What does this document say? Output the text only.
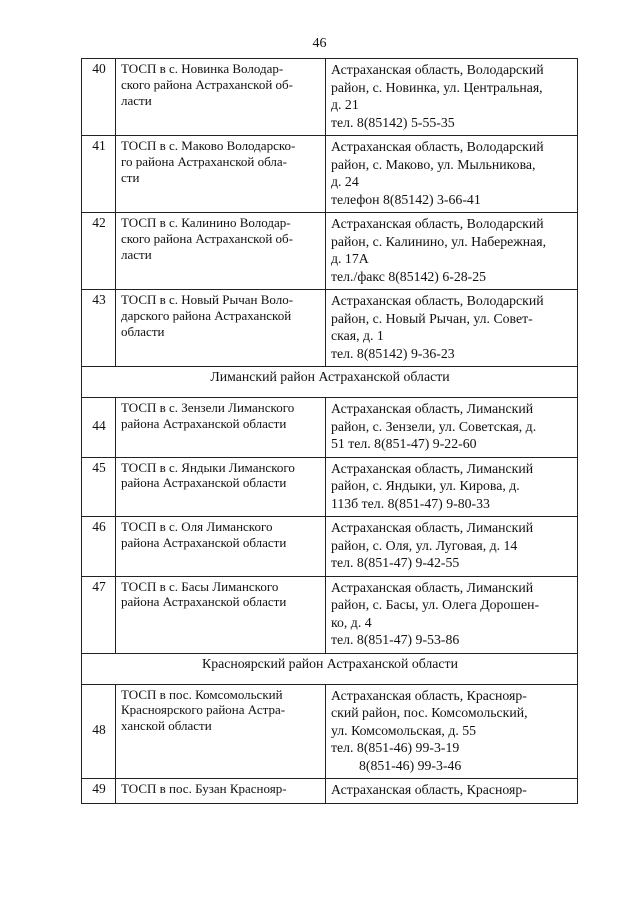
46
40	ТОСП в с. Новинка Володар-
ского района Астраханской об-
ласти	Астраханская область, Володарский
район, с. Новинка, ул. Центральная,
д. 21
тел. 8(85142) 5-55-35

41	ТОСП в с. Маково Володарско-
го района Астраханской обла-
сти	Астраханская область, Володарский
район, с. Маково, ул. Мыльникова,
д. 24
телефон 8(85142) 3-66-41

42	ТОСП в с. Калинино Володар-
ского района Астраханской об-
ласти	Астраханская область, Володарский
район, с. Калинино, ул. Набережная,
д. 17А
тел./факс 8(85142) 6-28-25

43	ТОСП в с. Новый Рычан Воло-
дарского района Астраханской
области	Астраханская область, Володарский
район, с. Новый Рычан, ул. Совет-
ская, д. 1
тел. 8(85142) 9-36-23

Лиманский район Астраханской области		
44	ТОСП в с. Зензели Лиманского
района Астраханской области	Астраханская область, Лиманский
район, с. Зензели, ул. Советская, д.
51 тел. 8(851-47) 9-22-60

45	ТОСП в с. Яндыки Лиманского
района Астраханской области	Астраханская область, Лиманский
район, с. Яндыки, ул. Кирова, д.
113б тел. 8(851-47) 9-80-33

46	ТОСП в с. Оля Лиманского
района Астраханской области	Астраханская область, Лиманский
район, с. Оля, ул. Луговая, д. 14
тел. 8(851-47) 9-42-55

47	ТОСП в с. Басы Лиманского
района Астраханской области	Астраханская область, Лиманский
район, с. Басы, ул. Олега Дорошен-
ко, д. 4
тел. 8(851-47) 9-53-86

Красноярский район Астраханской области		
48	ТОСП в пос. Комсомольский
Красноярского района Астра-
ханской области	Астраханская область, Краснояр-
ский район, пос. Комсомольский,
ул. Комсомольская, д. 55
тел. 8(851-46) 99-3-19
8(851-46) 99-3-46

49	ТОСП в пос. Бузан Краснояр-	Астраханская область, Краснояр-
